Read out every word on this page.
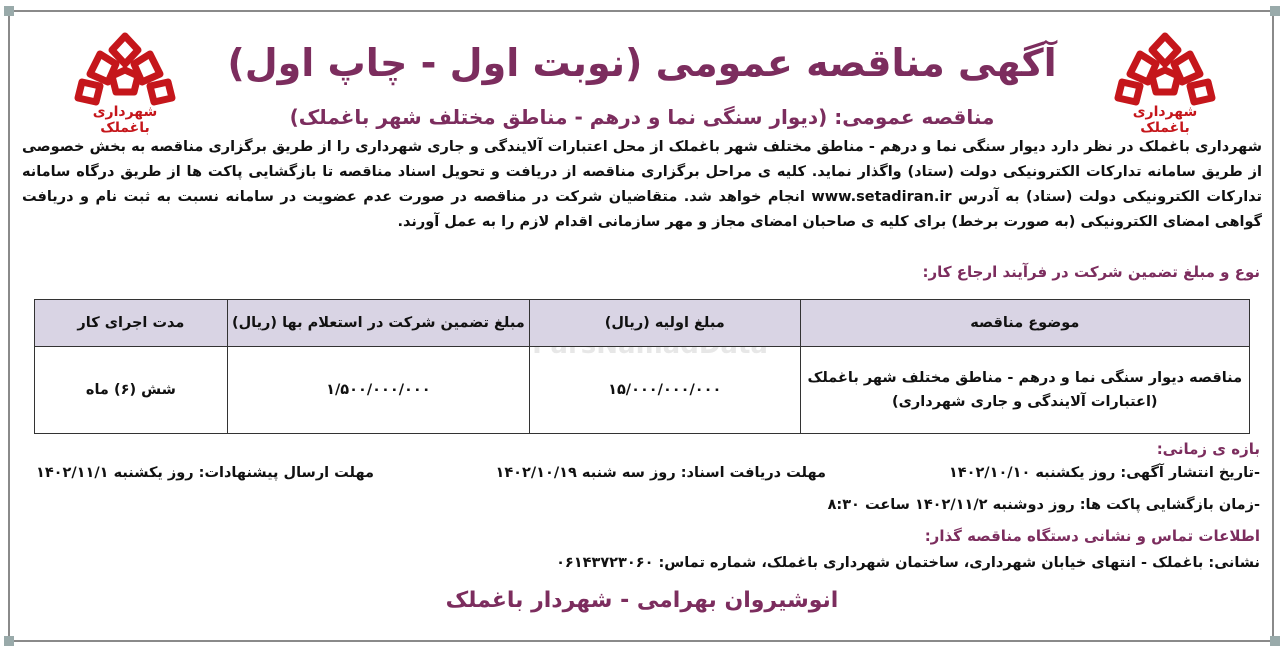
شهرداری باغملک
شهرداری باغملک
آگهی مناقصه عمومی (نوبت اول - چاپ اول)
مناقصه عمومی: (دیوار سنگی نما و درهم - مناطق مختلف شهر باغملک)
شهرداری باغملک در نظر دارد دیوار سنگی نما و درهم - مناطق مختلف شهر باغملک از محل اعتبارات آلایندگی و جاری شهرداری را از طریق برگزاری مناقصه به بخش خصوصی از طریق سامانه تدارکات الکترونیکی دولت (ستاد) واگذار نماید. کلیه ی مراحل برگزاری مناقصه از دریافت و تحویل اسناد مناقصه تا بازگشایی پاکت ها از طریق درگاه سامانه تدارکات الکترونیکی دولت (ستاد) به آدرس www.setadiran.ir انجام خواهد شد. متقاضیان شرکت در مناقصه در صورت عدم عضویت در سامانه نسبت به ثبت نام و دریافت گواهی امضای الکترونیکی (به صورت برخط) برای کلیه ی صاحبان امضای مجاز و مهر سازمانی اقدام لازم را به عمل آورند.
نوع و مبلغ تضمین شرکت در فرآیند ارجاع کار:
موضوع مناقصه	مبلغ اولیه (ریال)	مبلغ تضمین شرکت در استعلام بها (ریال)	مدت اجرای کار

مناقصه دیوار سنگی نما و درهم - مناطق مختلف شهر باغملک
(اعتبارات آلایندگی و جاری شهرداری)	۱۵/۰۰۰/۰۰۰/۰۰۰	۱/۵۰۰/۰۰۰/۰۰۰	شش (۶) ماه
بازه ی زمانی:
-تاریخ انتشار آگهی: روز یکشنبه ۱۴۰۲/۱۰/۱۰
مهلت دریافت اسناد: روز سه شنبه ۱۴۰۲/۱۰/۱۹
مهلت ارسال پیشنهادات: روز یکشنبه ۱۴۰۲/۱۱/۱
-زمان بازگشایی پاکت ها: روز دوشنبه ۱۴۰۲/۱۱/۲ ساعت ۸:۳۰
اطلاعات تماس و نشانی دستگاه مناقصه گذار:
نشانی: باغملک - انتهای خیابان شهرداری، ساختمان شهرداری باغملک، شماره تماس: ۰۶۱۴۳۷۲۳۰۶۰
انوشیروان بهرامی - شهردار باغملک
